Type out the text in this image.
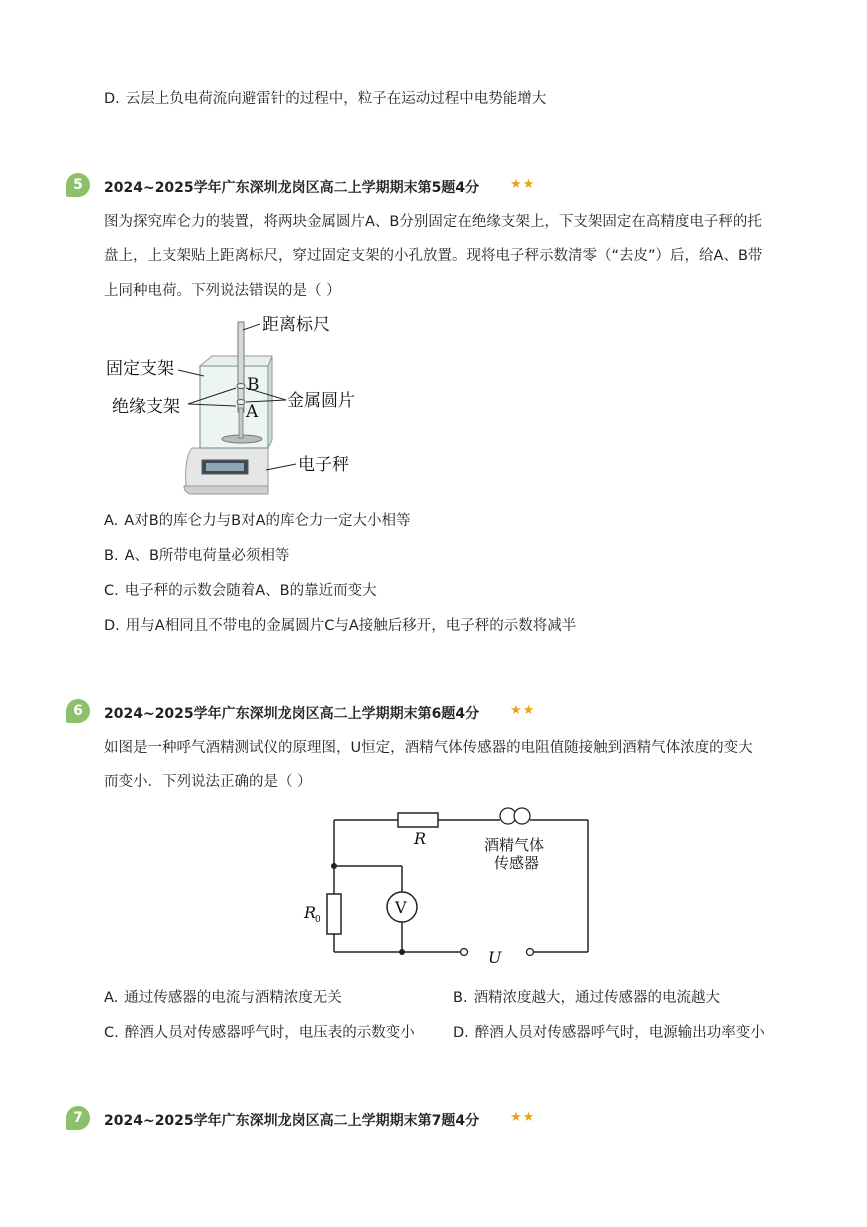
D. 云层上负电荷流向避雷针的过程中，粒子在运动过程中电势能增大
5	2024~2025学年广东深圳龙岗区高二上学期期末第5题4分 ★★
图为探究库仑力的装置，将两块金属圆片A、B分别固定在绝缘支架上，下支架固定在高精度电子秤的托
盘上，上支架贴上距离标尺，穿过固定支架的小孔放置。现将电子秤示数清零（“去皮”）后，给A、B带
上同种电荷。下列说法错误的是（ ）
距离标尺
固定支架
绝缘支架	金属圆片
电子秤
B
A
A. A对B的库仑力与B对A的库仑力一定大小相等
B. A、B所带电荷量必须相等
C. 电子秤的示数会随着A、B的靠近而变大
D. 用与A相同且不带电的金属圆片C与A接触后移开，电子秤的示数将减半
6	2024~2025学年广东深圳龙岗区高二上学期期末第6题4分 ★★
如图是一种呼气酒精测试仪的原理图，U恒定，酒精气体传感器的电阻值随接触到酒精气体浓度的变大
而变小．下列说法正确的是（ ）
R	酒精气体
传感器
R
0
V
U
A. 通过传感器的电流与酒精浓度无关	B. 酒精浓度越大，通过传感器的电流越大
C. 醉酒人员对传感器呼气时，电压表的示数变小	D. 醉酒人员对传感器呼气时，电源输出功率变小
7	2024~2025学年广东深圳龙岗区高二上学期期末第7题4分 ★★
